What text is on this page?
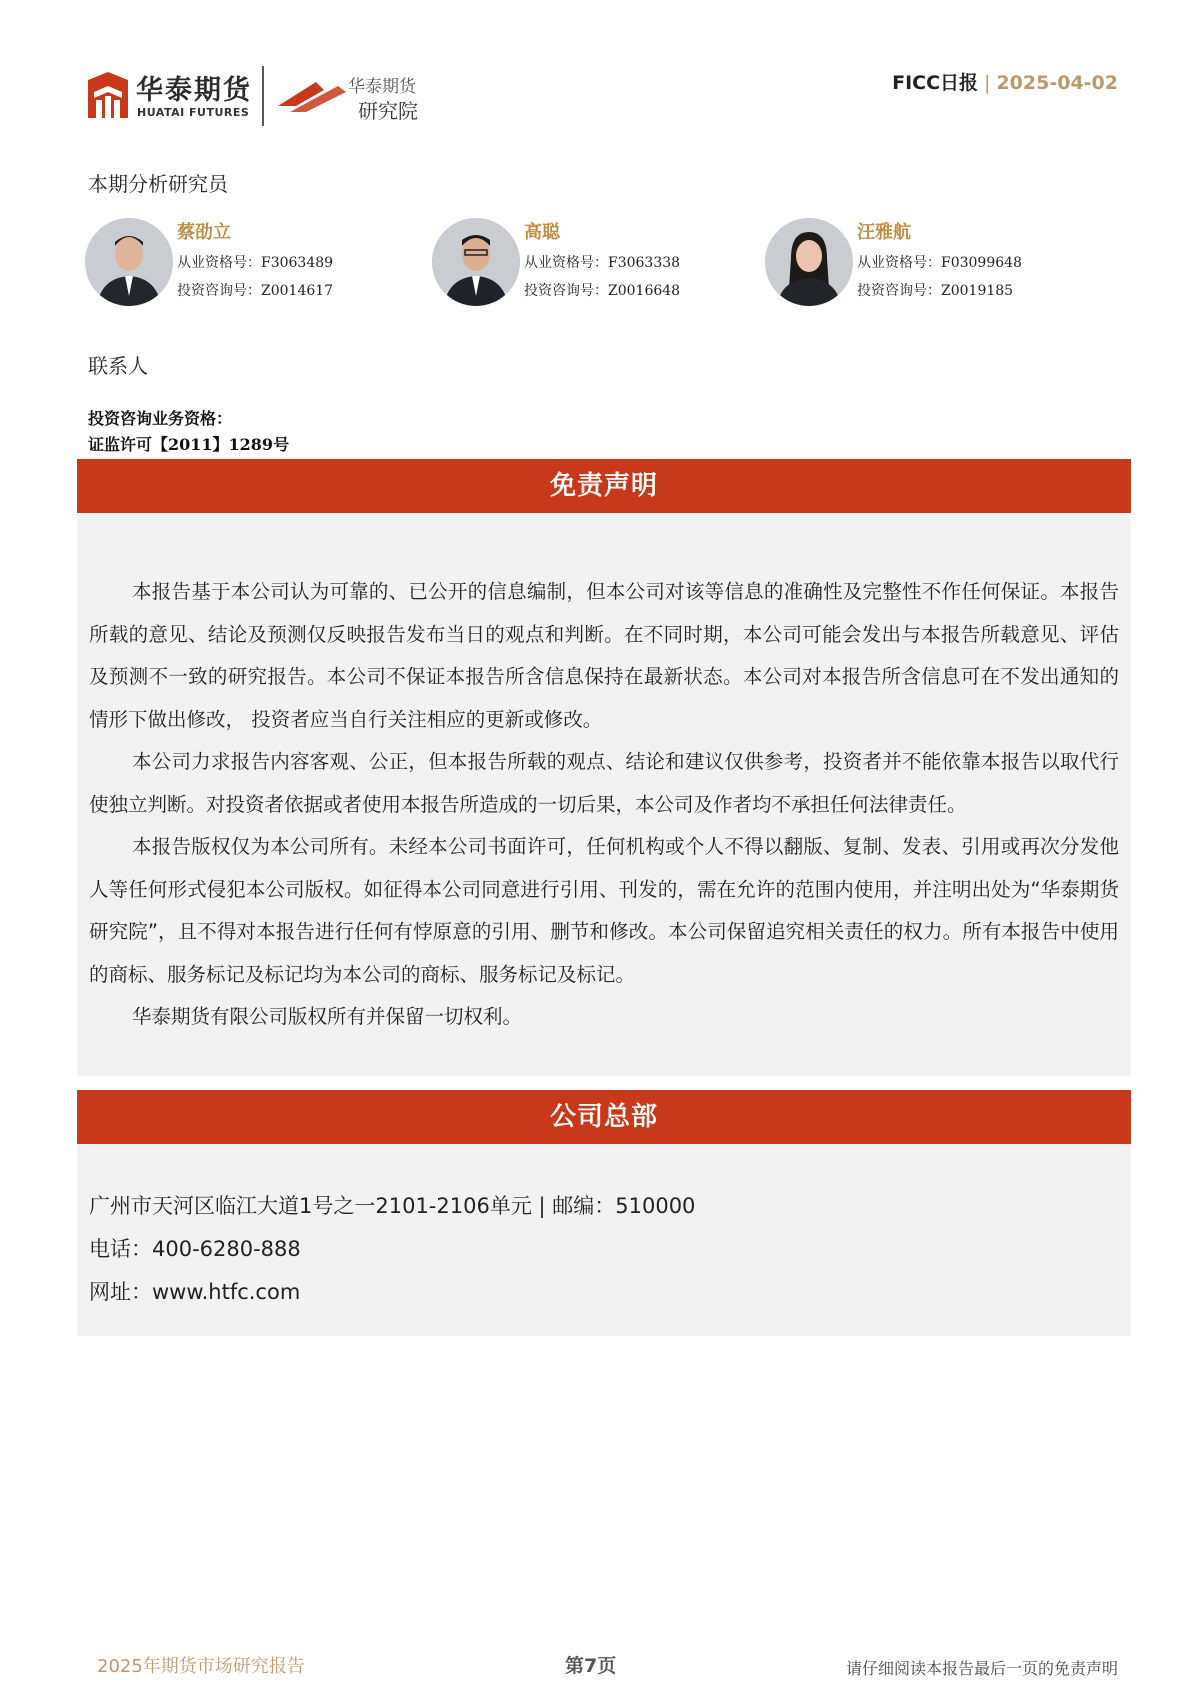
华泰期货
HUATAI FUTURES
华泰期货
研究院
FICC日报 | 2025-04-02
本期分析研究员
蔡劭立
从业资格号：F3063489
投资咨询号：Z0014617
高聪
从业资格号：F3063338
投资咨询号：Z0016648
汪雅航
从业资格号：F03099648
投资咨询号：Z0019185
联系人
投资咨询业务资格：
证监许可【2011】1289号
免责声明

本报告基于本公司认为可靠的、已公开的信息编制，但本公司对该等信息的准确性及完整性不作任何保证。本报告所载的意见、结论及预测仅反映报告发布当日的观点和判断。在不同时期，本公司可能会发出与本报告所载意见、评估及预测不一致的研究报告。本公司不保证本报告所含信息保持在最新状态。本公司对本报告所含信息可在不发出通知的情形下做出修改， 投资者应当自行关注相应的更新或修改。

本公司力求报告内容客观、公正，但本报告所载的观点、结论和建议仅供参考，投资者并不能依靠本报告以取代行使独立判断。对投资者依据或者使用本报告所造成的一切后果，本公司及作者均不承担任何法律责任。

本报告版权仅为本公司所有。未经本公司书面许可，任何机构或个人不得以翻版、复制、发表、引用或再次分发他人等任何形式侵犯本公司版权。如征得本公司同意进行引用、刊发的，需在允许的范围内使用，并注明出处为“华泰期货研究院”，且不得对本报告进行任何有悖原意的引用、删节和修改。本公司保留追究相关责任的权力。所有本报告中使用的商标、服务标记及标记均为本公司的商标、服务标记及标记。

华泰期货有限公司版权所有并保留一切权利。

公司总部
广州市天河区临江大道1号之一2101-2106单元 | 邮编：510000
电话：400-6280-888
网址：www.htfc.com
2025年期货市场研究报告	第7页	请仔细阅读本报告最后一页的免责声明
